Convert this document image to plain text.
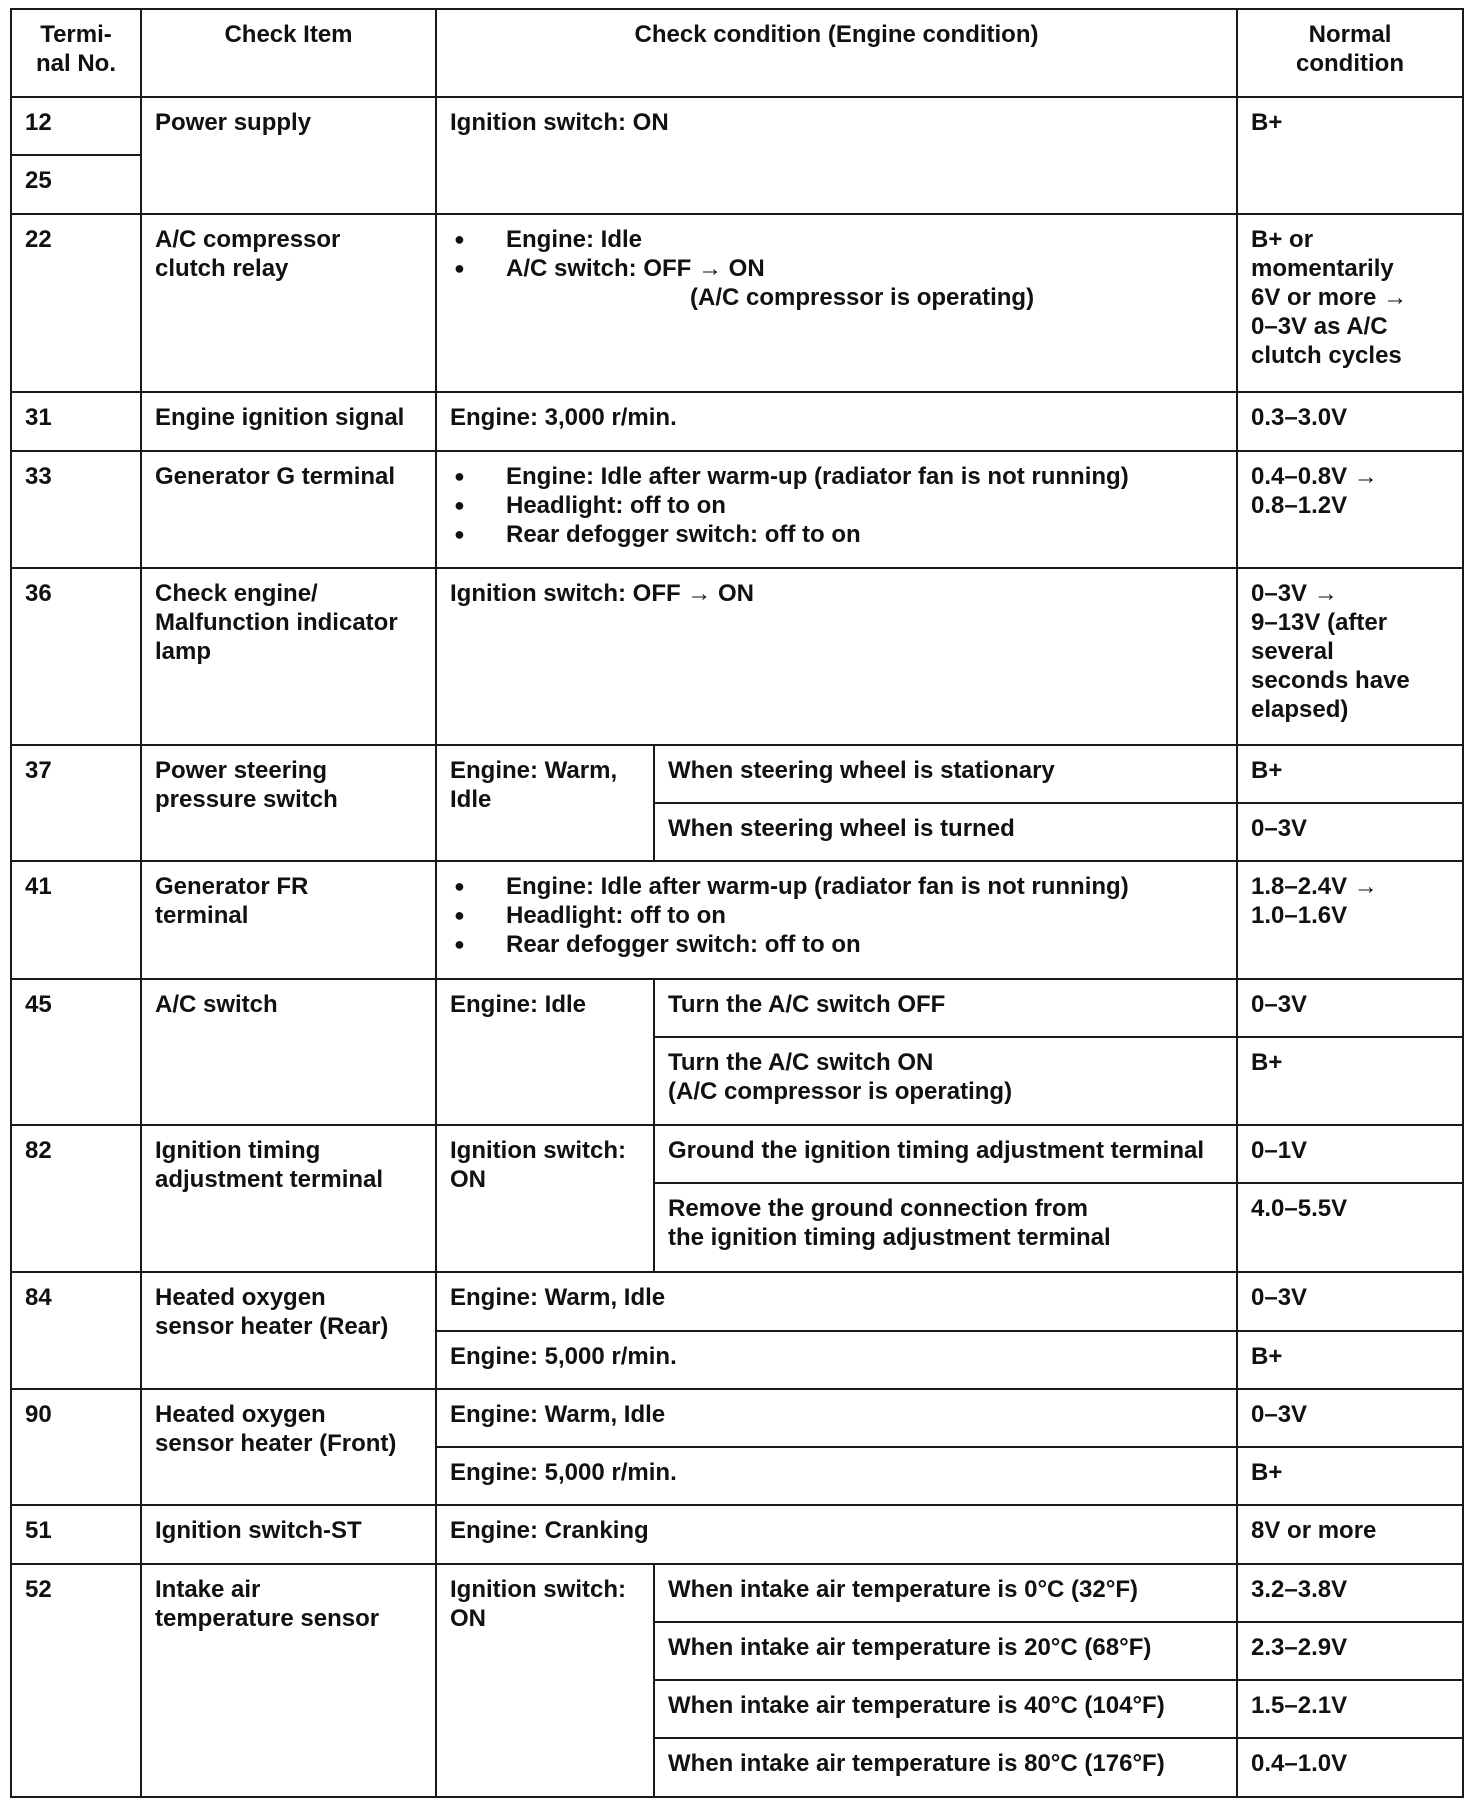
Termi-
nal No.	Check Item	Check condition (Engine condition)		Normal
condition
12	Power supply	Ignition switch: ON		B+
25				
22	A/C compressor
clutch relay	● Engine: Idle
● A/C switch: OFF → ON
(A/C compressor is operating)		B+ or
momentarily
6V or more →
0–3V as A/C
clutch cycles
31	Engine ignition signal	Engine: 3,000 r/min.		0.3–3.0V
33	Generator G terminal	● Engine: Idle after warm-up (radiator fan is not running)
● Headlight: off to on
● Rear defogger switch: off to on		0.4–0.8V →
0.8–1.2V
36	Check engine/
Malfunction indicator
lamp	Ignition switch: OFF → ON		0–3V →
9–13V (after
several
seconds have
elapsed)
37	Power steering
pressure switch	Engine: Warm,
Idle	When steering wheel is stationary	B+
			When steering wheel is turned	0–3V
41	Generator FR
terminal	● Engine: Idle after warm-up (radiator fan is not running)
● Headlight: off to on
● Rear defogger switch: off to on		1.8–2.4V →
1.0–1.6V
45	A/C switch	Engine: Idle	Turn the A/C switch OFF	0–3V
			Turn the A/C switch ON
(A/C compressor is operating)	B+
82	Ignition timing
adjustment terminal	Ignition switch:
ON	Ground the ignition timing adjustment terminal	0–1V
			Remove the ground connection from
the ignition timing adjustment terminal	4.0–5.5V
84	Heated oxygen
sensor heater (Rear)	Engine: Warm, Idle		0–3V
		Engine: 5,000 r/min.		B+
90	Heated oxygen
sensor heater (Front)	Engine: Warm, Idle		0–3V
		Engine: 5,000 r/min.		B+
51	Ignition switch-ST	Engine: Cranking		8V or more
52	Intake air
temperature sensor	Ignition switch:
ON	When intake air temperature is 0°C (32°F)	3.2–3.8V
			When intake air temperature is 20°C (68°F)	2.3–2.9V
			When intake air temperature is 40°C (104°F)	1.5–2.1V
			When intake air temperature is 80°C (176°F)	0.4–1.0V
